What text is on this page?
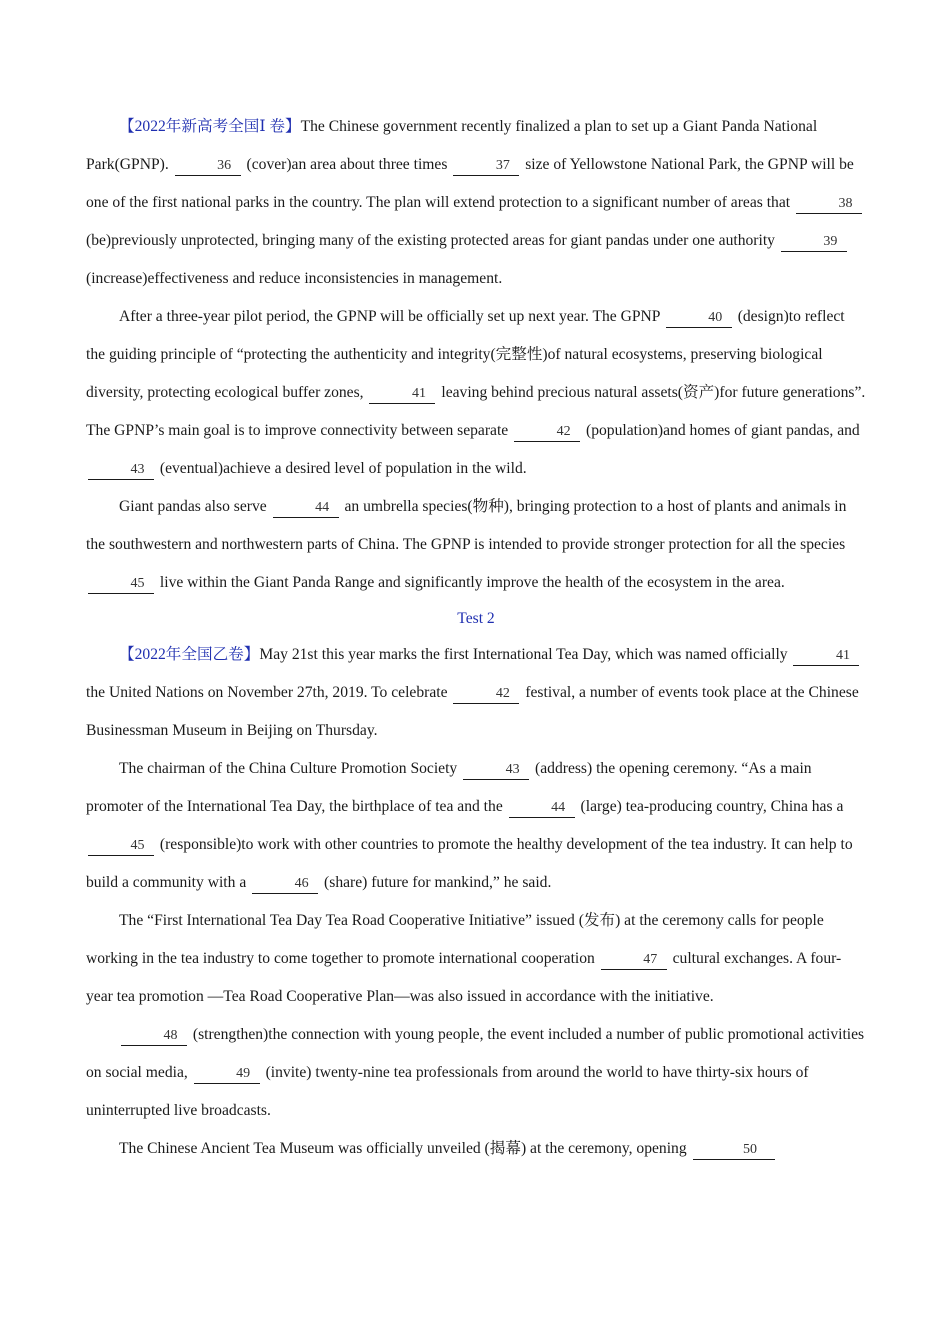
【2022年新高考全国Ⅰ 卷】The Chinese government recently finalized a plan to set up a Giant Panda National Park(GPNP).	36 (cover)an area about three times	37 size of Yellowstone National Park, the GPNP will be one of the first national parks in the country. The plan will extend protection to a significant number of areas that	38 (be)previously unprotected, bringing many of the existing protected areas for giant pandas under one authority	39 (increase)effectiveness and reduce inconsistencies in management.

After a three-year pilot period, the GPNP will be officially set up next year. The GPNP	40 (design)to reflect the guiding principle of “protecting the authenticity and integrity(完整性)of natural ecosystems, preserving biological diversity, protecting ecological buffer zones,	41 leaving behind precious natural assets(资产)for future generations”. The GPNP’s main goal is to improve connectivity between separate	42 (population)and homes of giant pandas, and 43 (eventual)achieve a desired level of population in the wild.

Giant pandas also serve	44 an umbrella species(物种), bringing protection to a host of plants and animals in the southwestern and northwestern parts of China. The GPNP is intended to provide stronger protection for all the species 45 live within the Giant Panda Range and significantly improve the health of the ecosystem in the area.

Test 2

【2022年全国乙卷】May 21st this year marks the first International Tea Day, which was named officially	41 the United Nations on November 27th, 2019. To celebrate	42 festival, a number of events took place at the Chinese Businessman Museum in Beijing on Thursday.

The chairman of the China Culture Promotion Society	43 (address) the opening ceremony. “As a main promoter of the International Tea Day, the birthplace of tea and the	44 (large) tea-producing country, China has a 45 (responsible)to work with other countries to promote the healthy development of the tea industry. It can help to build a community with a	46 (share) future for mankind,” he said.

The “First International Tea Day Tea Road Cooperative Initiative” issued (发布) at the ceremony calls for people working in the tea industry to come together to promote international cooperation	47 cultural exchanges. A four-year tea promotion —Tea Road Cooperative Plan—was also issued in accordance with the initiative.

48 (strengthen)the connection with young people, the event included a number of public promotional activities on social media,	49 (invite) twenty-nine tea professionals from around the world to have thirty-six hours of uninterrupted live broadcasts.

The Chinese Ancient Tea Museum was officially unveiled (揭幕) at the ceremony, opening	50
